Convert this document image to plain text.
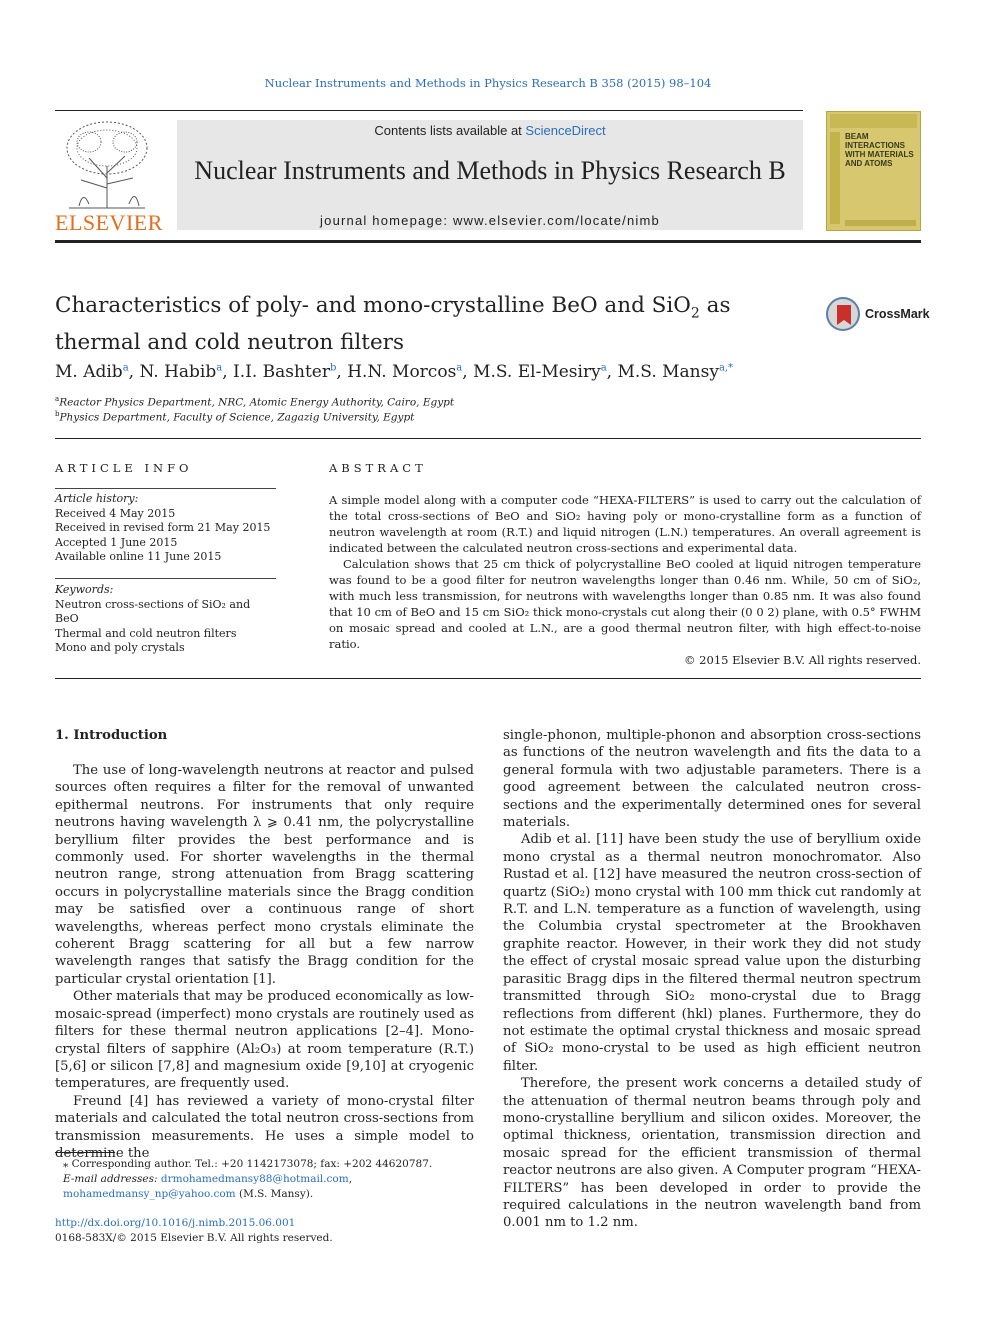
Nuclear Instruments and Methods in Physics Research B 358 (2015) 98–104
ELSEVIER
Contents lists available at ScienceDirect
Nuclear Instruments and Methods in Physics Research B
journal homepage: www.elsevier.com/locate/nimb
BEAM INTERACTIONS WITH MATERIALS AND ATOMS
Characteristics of poly- and mono-crystalline BeO and SiO$_2$ as thermal and cold neutron filters
CrossMark
M. Adib$^a$, N. Habib$^a$, I.I. Bashter$^b$, H.N. Morcos$^a$, M.S. El-Mesiry$^a$, M.S. Mansy$^{a,*}$
$^a$Reactor Physics Department, NRC, Atomic Energy Authority, Cairo, Egypt
$^b$Physics Department, Faculty of Science, Zagazig University, Egypt
ARTICLE INFO
Article history:
Received 4 May 2015
Received in revised form 21 May 2015
Accepted 1 June 2015
Available online 11 June 2015
Keywords:
Neutron cross-sections of SiO₂ and BeO
Thermal and cold neutron filters
Mono and poly crystals
ABSTRACT

A simple model along with a computer code “HEXA-FILTERS” is used to carry out the calculation of the total cross-sections of BeO and SiO₂ having poly or mono-crystalline form as a function of neutron wavelength at room (R.T.) and liquid nitrogen (L.N.) temperatures. An overall agreement is indicated between the calculated neutron cross-sections and experimental data.

Calculation shows that 25 cm thick of polycrystalline BeO cooled at liquid nitrogen temperature was found to be a good filter for neutron wavelengths longer than 0.46 nm. While, 50 cm of SiO₂, with much less transmission, for neutrons with wavelengths longer than 0.85 nm. It was also found that 10 cm of BeO and 15 cm SiO₂ thick mono-crystals cut along their (0 0 2) plane, with 0.5° FWHM on mosaic spread and cooled at L.N., are a good thermal neutron filter, with high effect-to-noise ratio.

© 2015 Elsevier B.V. All rights reserved.
1. Introduction

The use of long-wavelength neutrons at reactor and pulsed sources often requires a filter for the removal of unwanted epithermal neutrons. For instruments that only require neutrons having wavelength λ ⩾ 0.41 nm, the polycrystalline beryllium filter provides the best performance and is commonly used. For shorter wavelengths in the thermal neutron range, strong attenuation from Bragg scattering occurs in polycrystalline materials since the Bragg condition may be satisfied over a continuous range of short wavelengths, whereas perfect mono crystals eliminate the coherent Bragg scattering for all but a few narrow wavelength ranges that satisfy the Bragg condition for the particular crystal orientation [1].

Other materials that may be produced economically as low-mosaic-spread (imperfect) mono crystals are routinely used as filters for these thermal neutron applications [2–4]. Mono-crystal filters of sapphire (Al₂O₃) at room temperature (R.T.) [5,6] or silicon [7,8] and magnesium oxide [9,10] at cryogenic temperatures, are frequently used.

Freund [4] has reviewed a variety of mono-crystal filter materials and calculated the total neutron cross-sections from transmission measurements. He uses a simple model to determine the

single-phonon, multiple-phonon and absorption cross-sections as functions of the neutron wavelength and fits the data to a general formula with two adjustable parameters. There is a good agreement between the calculated neutron cross-sections and the experimentally determined ones for several materials.

Adib et al. [11] have been study the use of beryllium oxide mono crystal as a thermal neutron monochromator. Also Rustad et al. [12] have measured the neutron cross-section of quartz (SiO₂) mono crystal with 100 mm thick cut randomly at R.T. and L.N. temperature as a function of wavelength, using the Columbia crystal spectrometer at the Brookhaven graphite reactor. However, in their work they did not study the effect of crystal mosaic spread value upon the disturbing parasitic Bragg dips in the filtered thermal neutron spectrum transmitted through SiO₂ mono-crystal due to Bragg reflections from different (hkl) planes. Furthermore, they do not estimate the optimal crystal thickness and mosaic spread of SiO₂ mono-crystal to be used as high efficient neutron filter.

Therefore, the present work concerns a detailed study of the attenuation of thermal neutron beams through poly and mono-crystalline beryllium and silicon oxides. Moreover, the optimal thickness, orientation, transmission direction and mosaic spread for the efficient transmission of thermal reactor neutrons are also given. A Computer program “HEXA-FILTERS” has been developed in order to provide the required calculations in the neutron wavelength band from 0.001 nm to 1.2 nm.

⁎ Corresponding author. Tel.: +20 1142173078; fax: +202 44620787.
E-mail addresses: drmohamedmansy88@hotmail.com, mohamedmansy_np@yahoo.com (M.S. Mansy).
http://dx.doi.org/10.1016/j.nimb.2015.06.001
0168-583X/© 2015 Elsevier B.V. All rights reserved.
